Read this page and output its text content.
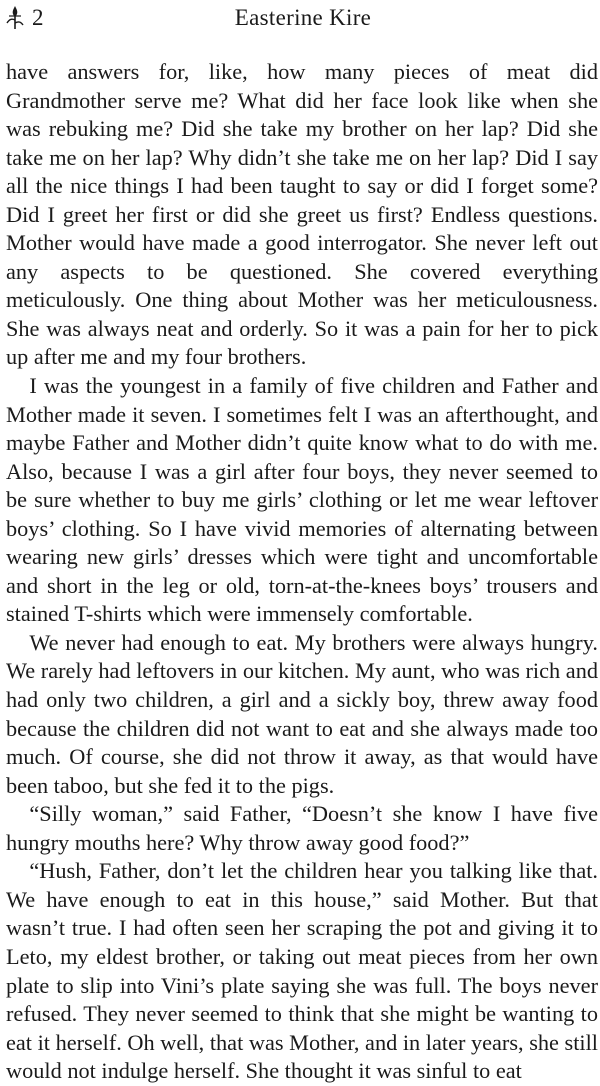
2	Easterine Kire

have answers for, like, how many pieces of meat did Grandmother serve me? What did her face look like when she was rebuking me? Did she take my brother on her lap? Did she take me on her lap? Why didn’t she take me on her lap? Did I say all the nice things I had been taught to say or did I forget some? Did I greet her first or did she greet us first? Endless questions. Mother would have made a good interrogator. She never left out any aspects to be questioned. She covered everything meticulously. One thing about Mother was her meticulousness. She was always neat and orderly. So it was a pain for her to pick up after me and my four brothers.

I was the youngest in a family of five children and Father and Mother made it seven. I sometimes felt I was an afterthought, and maybe Father and Mother didn’t quite know what to do with me. Also, because I was a girl after four boys, they never seemed to be sure whether to buy me girls’ clothing or let me wear leftover boys’ clothing. So I have vivid memories of alternating between wearing new girls’ dresses which were tight and uncomfortable and short in the leg or old, torn-at-the-knees boys’ trousers and stained T-shirts which were immensely comfortable.

We never had enough to eat. My brothers were always hungry. We rarely had leftovers in our kitchen. My aunt, who was rich and had only two children, a girl and a sickly boy, threw away food because the children did not want to eat and she always made too much. Of course, she did not throw it away, as that would have been taboo, but she fed it to the pigs.

“Silly woman,” said Father, “Doesn’t she know I have five hungry mouths here? Why throw away good food?”

“Hush, Father, don’t let the children hear you talking like that. We have enough to eat in this house,” said Mother. But that wasn’t true. I had often seen her scraping the pot and giving it to Leto, my eldest brother, or taking out meat pieces from her own plate to slip into Vini’s plate saying she was full. The boys never refused. They never seemed to think that she might be wanting to eat it herself. Oh well, that was Mother, and in later years, she still would not indulge herself. She thought it was sinful to eat
